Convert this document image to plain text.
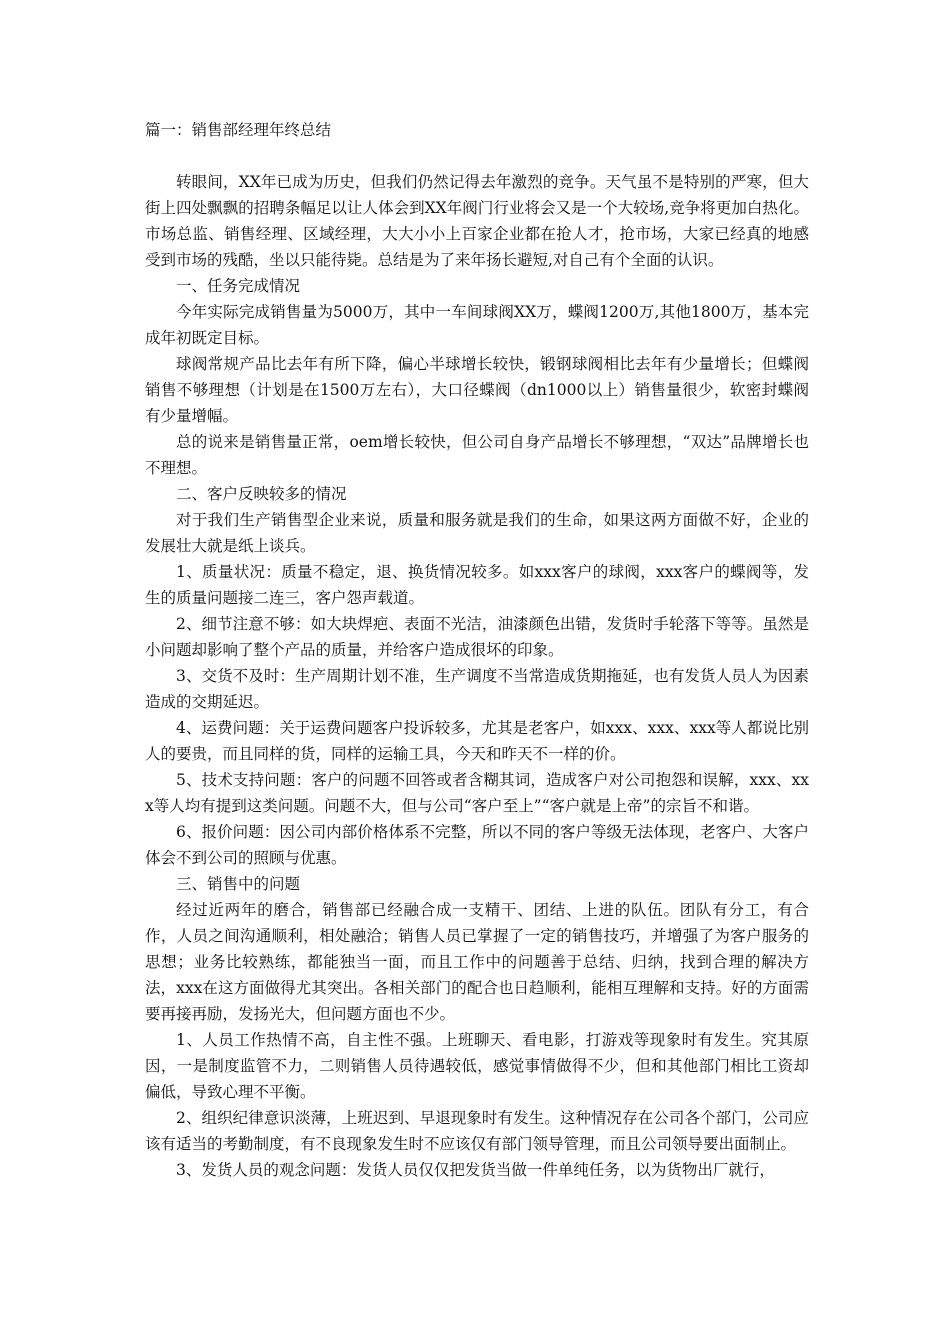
篇一：销售部经理年终总结

转眼间，XX年已成为历史，但我们仍然记得去年激烈的竞争。天气虽不是特别的严寒，但大街上四处飘飘的招聘条幅足以让人体会到XX年阀门行业将会又是一个大较场,竞争将更加白热化。市场总监、销售经理、区域经理，大大小小上百家企业都在抢人才，抢市场，大家已经真的地感受到市场的残酷，坐以只能待毙。总结是为了来年扬长避短,对自己有个全面的认识。

一、任务完成情况

今年实际完成销售量为5000万，其中一车间球阀XX万，蝶阀1200万,其他1800万，基本完成年初既定目标。

球阀常规产品比去年有所下降，偏心半球增长较快，锻钢球阀相比去年有少量增长；但蝶阀销售不够理想（计划是在1500万左右），大口径蝶阀（dn1000以上）销售量很少，软密封蝶阀有少量增幅。

总的说来是销售量正常，oem增长较快，但公司自身产品增长不够理想，“双达”品牌增长也不理想。

二、客户反映较多的情况

对于我们生产销售型企业来说，质量和服务就是我们的生命，如果这两方面做不好，企业的发展壮大就是纸上谈兵。

1、质量状况：质量不稳定，退、换货情况较多。如xxx客户的球阀，xxx客户的蝶阀等，发生的质量问题接二连三，客户怨声载道。

2、细节注意不够：如大块焊疤、表面不光洁，油漆颜色出错，发货时手轮落下等等。虽然是小问题却影响了整个产品的质量，并给客户造成很坏的印象。

3、交货不及时：生产周期计划不准，生产调度不当常造成货期拖延，也有发货人员人为因素造成的交期延迟。

4、运费问题：关于运费问题客户投诉较多，尤其是老客户，如xxx、xxx、xxx等人都说比别人的要贵，而且同样的货，同样的运输工具，今天和昨天不一样的价。

5、技术支持问题：客户的问题不回答或者含糊其词，造成客户对公司抱怨和误解，xxx、xxx等人均有提到这类问题。问题不大，但与公司“客户至上”“客户就是上帝”的宗旨不和谐。

6、报价问题：因公司内部价格体系不完整，所以不同的客户等级无法体现，老客户、大客户体会不到公司的照顾与优惠。

三、销售中的问题

经过近两年的磨合，销售部已经融合成一支精干、团结、上进的队伍。团队有分工，有合作，人员之间沟通顺利，相处融洽；销售人员已掌握了一定的销售技巧，并增强了为客户服务的思想；业务比较熟练，都能独当一面，而且工作中的问题善于总结、归纳，找到合理的解决方法，xxx在这方面做得尤其突出。各相关部门的配合也日趋顺利，能相互理解和支持。好的方面需要再接再励，发扬光大，但问题方面也不少。

1、人员工作热情不高，自主性不强。上班聊天、看电影，打游戏等现象时有发生。究其原因，一是制度监管不力，二则销售人员待遇较低，感觉事情做得不少，但和其他部门相比工资却偏低，导致心理不平衡。

2、组织纪律意识淡薄，上班迟到、早退现象时有发生。这种情况存在公司各个部门，公司应该有适当的考勤制度，有不良现象发生时不应该仅有部门领导管理，而且公司领导要出面制止。

3、发货人员的观念问题：发货人员仅仅把发货当做一件单纯任务，以为货物出厂就行，
